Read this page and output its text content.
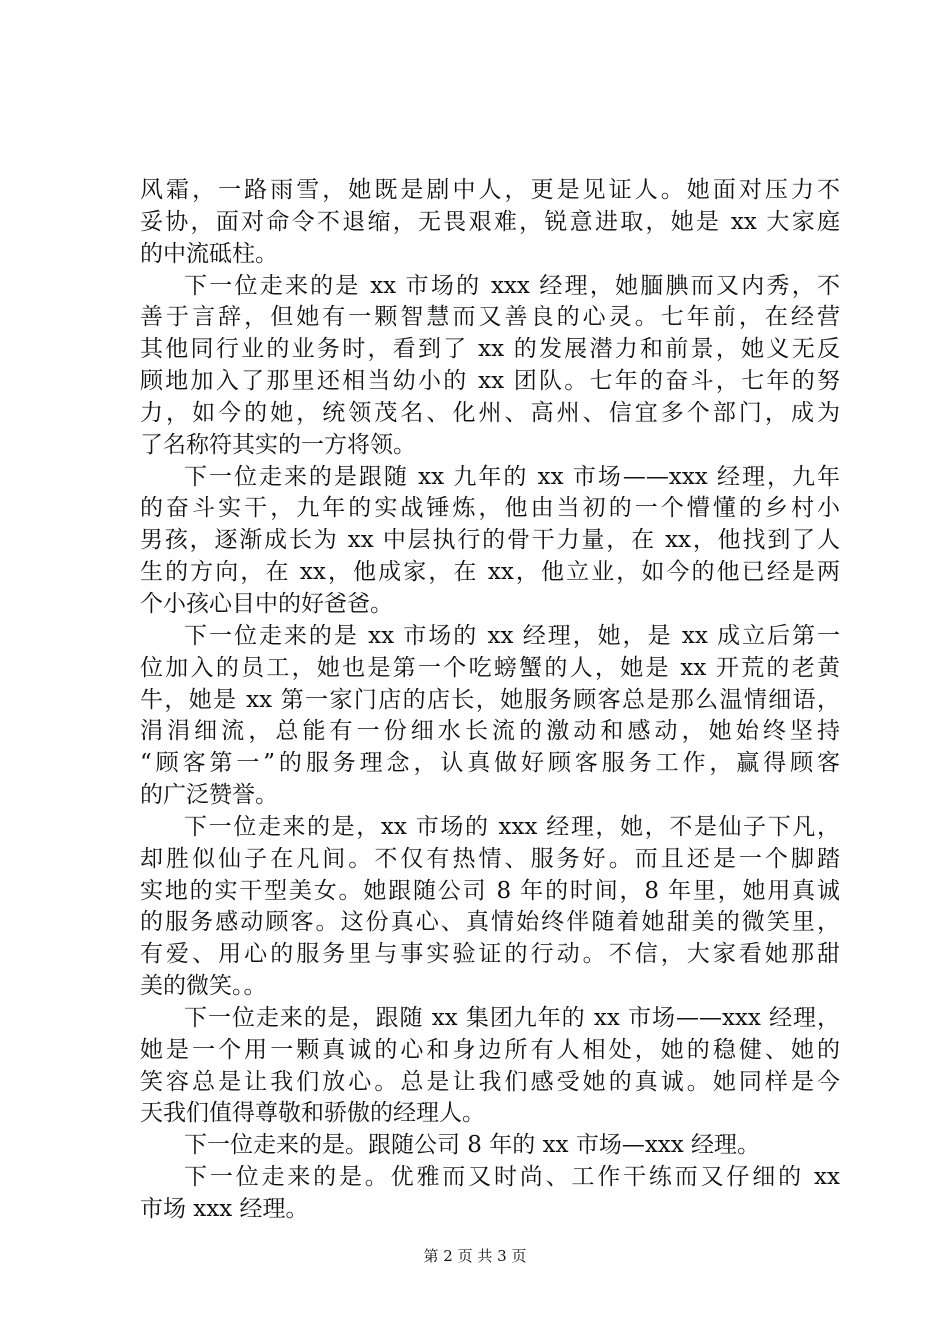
风霜，一路雨雪，她既是剧中人，更是见证人。她面对压力不
妥协，面对命令不退缩，无畏艰难，锐意进取，她是 xx 大家庭
的中流砥柱。
下一位走来的是 xx 市场的 xxx 经理，她腼腆而又内秀，不
善于言辞，但她有一颗智慧而又善良的心灵。七年前，在经营
其他同行业的业务时，看到了 xx 的发展潜力和前景，她义无反
顾地加入了那里还相当幼小的 xx 团队。七年的奋斗，七年的努
力，如今的她，统领茂名、化州、高州、信宜多个部门，成为
了名称符其实的一方将领。
下一位走来的是跟随 xx 九年的 xx 市场——xxx 经理，九年
的奋斗实干，九年的实战锤炼，他由当初的一个懵懂的乡村小
男孩，逐渐成长为 xx 中层执行的骨干力量，在 xx，他找到了人
生的方向，在 xx，他成家，在 xx，他立业，如今的他已经是两
个小孩心目中的好爸爸。
下一位走来的是 xx 市场的 xx 经理，她，是 xx 成立后第一
位加入的员工，她也是第一个吃螃蟹的人，她是 xx 开荒的老黄
牛，她是 xx 第一家门店的店长，她服务顾客总是那么温情细语，
涓涓细流，总能有一份细水长流的激动和感动，她始终坚持
“顾客第一”的服务理念，认真做好顾客服务工作，赢得顾客
的广泛赞誉。
下一位走来的是，xx 市场的 xxx 经理，她，不是仙子下凡，
却胜似仙子在凡间。不仅有热情、服务好。而且还是一个脚踏
实地的实干型美女。她跟随公司 8 年的时间，8 年里，她用真诚
的服务感动顾客。这份真心、真情始终伴随着她甜美的微笑里，
有爱、用心的服务里与事实验证的行动。不信，大家看她那甜
美的微笑。。
下一位走来的是，跟随 xx 集团九年的 xx 市场——xxx 经理，
她是一个用一颗真诚的心和身边所有人相处，她的稳健、她的
笑容总是让我们放心。总是让我们感受她的真诚。她同样是今
天我们值得尊敬和骄傲的经理人。
下一位走来的是。跟随公司 8 年的 xx 市场—xxx 经理。
下一位走来的是。优雅而又时尚、工作干练而又仔细的 xx
市场 xxx 经理。
第 2 页 共 3 页
